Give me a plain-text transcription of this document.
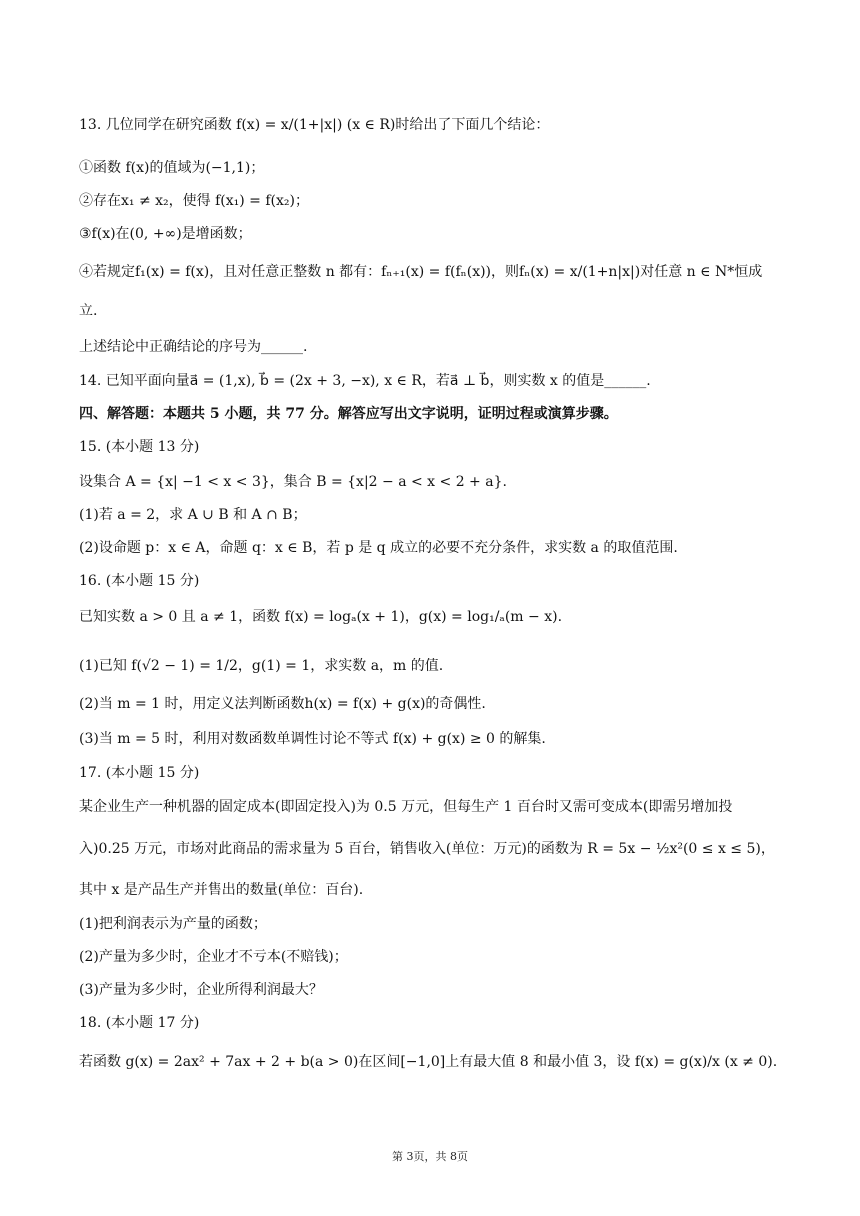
13. 几位同学在研究函数 f(x) = x/(1+|x|) (x ∈ R)时给出了下面几个结论：
①函数 f(x)的值域为(−1,1)；
②存在x₁ ≠ x₂，使得 f(x₁) = f(x₂)；
③f(x)在(0, +∞)是增函数；
④若规定f₁(x) = f(x)，且对任意正整数 n 都有：fₙ₊₁(x) = f(fₙ(x))，则fₙ(x) = x/(1+n|x|)对任意 n ∈ N*恒成
立.
上述结论中正确结论的序号为______.
14. 已知平面向量a⃗ = (1,x), b⃗ = (2x + 3, −x), x ∈ R，若a⃗ ⊥ b⃗，则实数 x 的值是______.
四、解答题：本题共 5 小题，共 77 分。解答应写出文字说明，证明过程或演算步骤。
15. (本小题 13 分)
设集合 A = {x| −1 < x < 3}，集合 B = {x|2 − a < x < 2 + a}.
(1)若 a = 2，求 A ∪ B 和 A ∩ B；
(2)设命题 p：x ∈ A，命题 q：x ∈ B，若 p 是 q 成立的必要不充分条件，求实数 a 的取值范围.
16. (本小题 15 分)
已知实数 a > 0 且 a ≠ 1，函数 f(x) = logₐ(x + 1)，g(x) = log₁/ₐ(m − x).
(1)已知 f(√2 − 1) = 1/2，g(1) = 1，求实数 a，m 的值.
(2)当 m = 1 时，用定义法判断函数h(x) = f(x) + g(x)的奇偶性.
(3)当 m = 5 时，利用对数函数单调性讨论不等式 f(x) + g(x) ≥ 0 的解集.
17. (本小题 15 分)
某企业生产一种机器的固定成本(即固定投入)为 0.5 万元，但每生产 1 百台时又需可变成本(即需另增加投
入)0.25 万元，市场对此商品的需求量为 5 百台，销售收入(单位：万元)的函数为 R = 5x − ½x²(0 ≤ x ≤ 5)，
其中 x 是产品生产并售出的数量(单位：百台).
(1)把利润表示为产量的函数；
(2)产量为多少时，企业才不亏本(不赔钱)；
(3)产量为多少时，企业所得利润最大？
18. (本小题 17 分)
若函数 g(x) = 2ax² + 7ax + 2 + b(a > 0)在区间[−1,0]上有最大值 8 和最小值 3，设 f(x) = g(x)/x (x ≠ 0).
第 3页，共 8页
